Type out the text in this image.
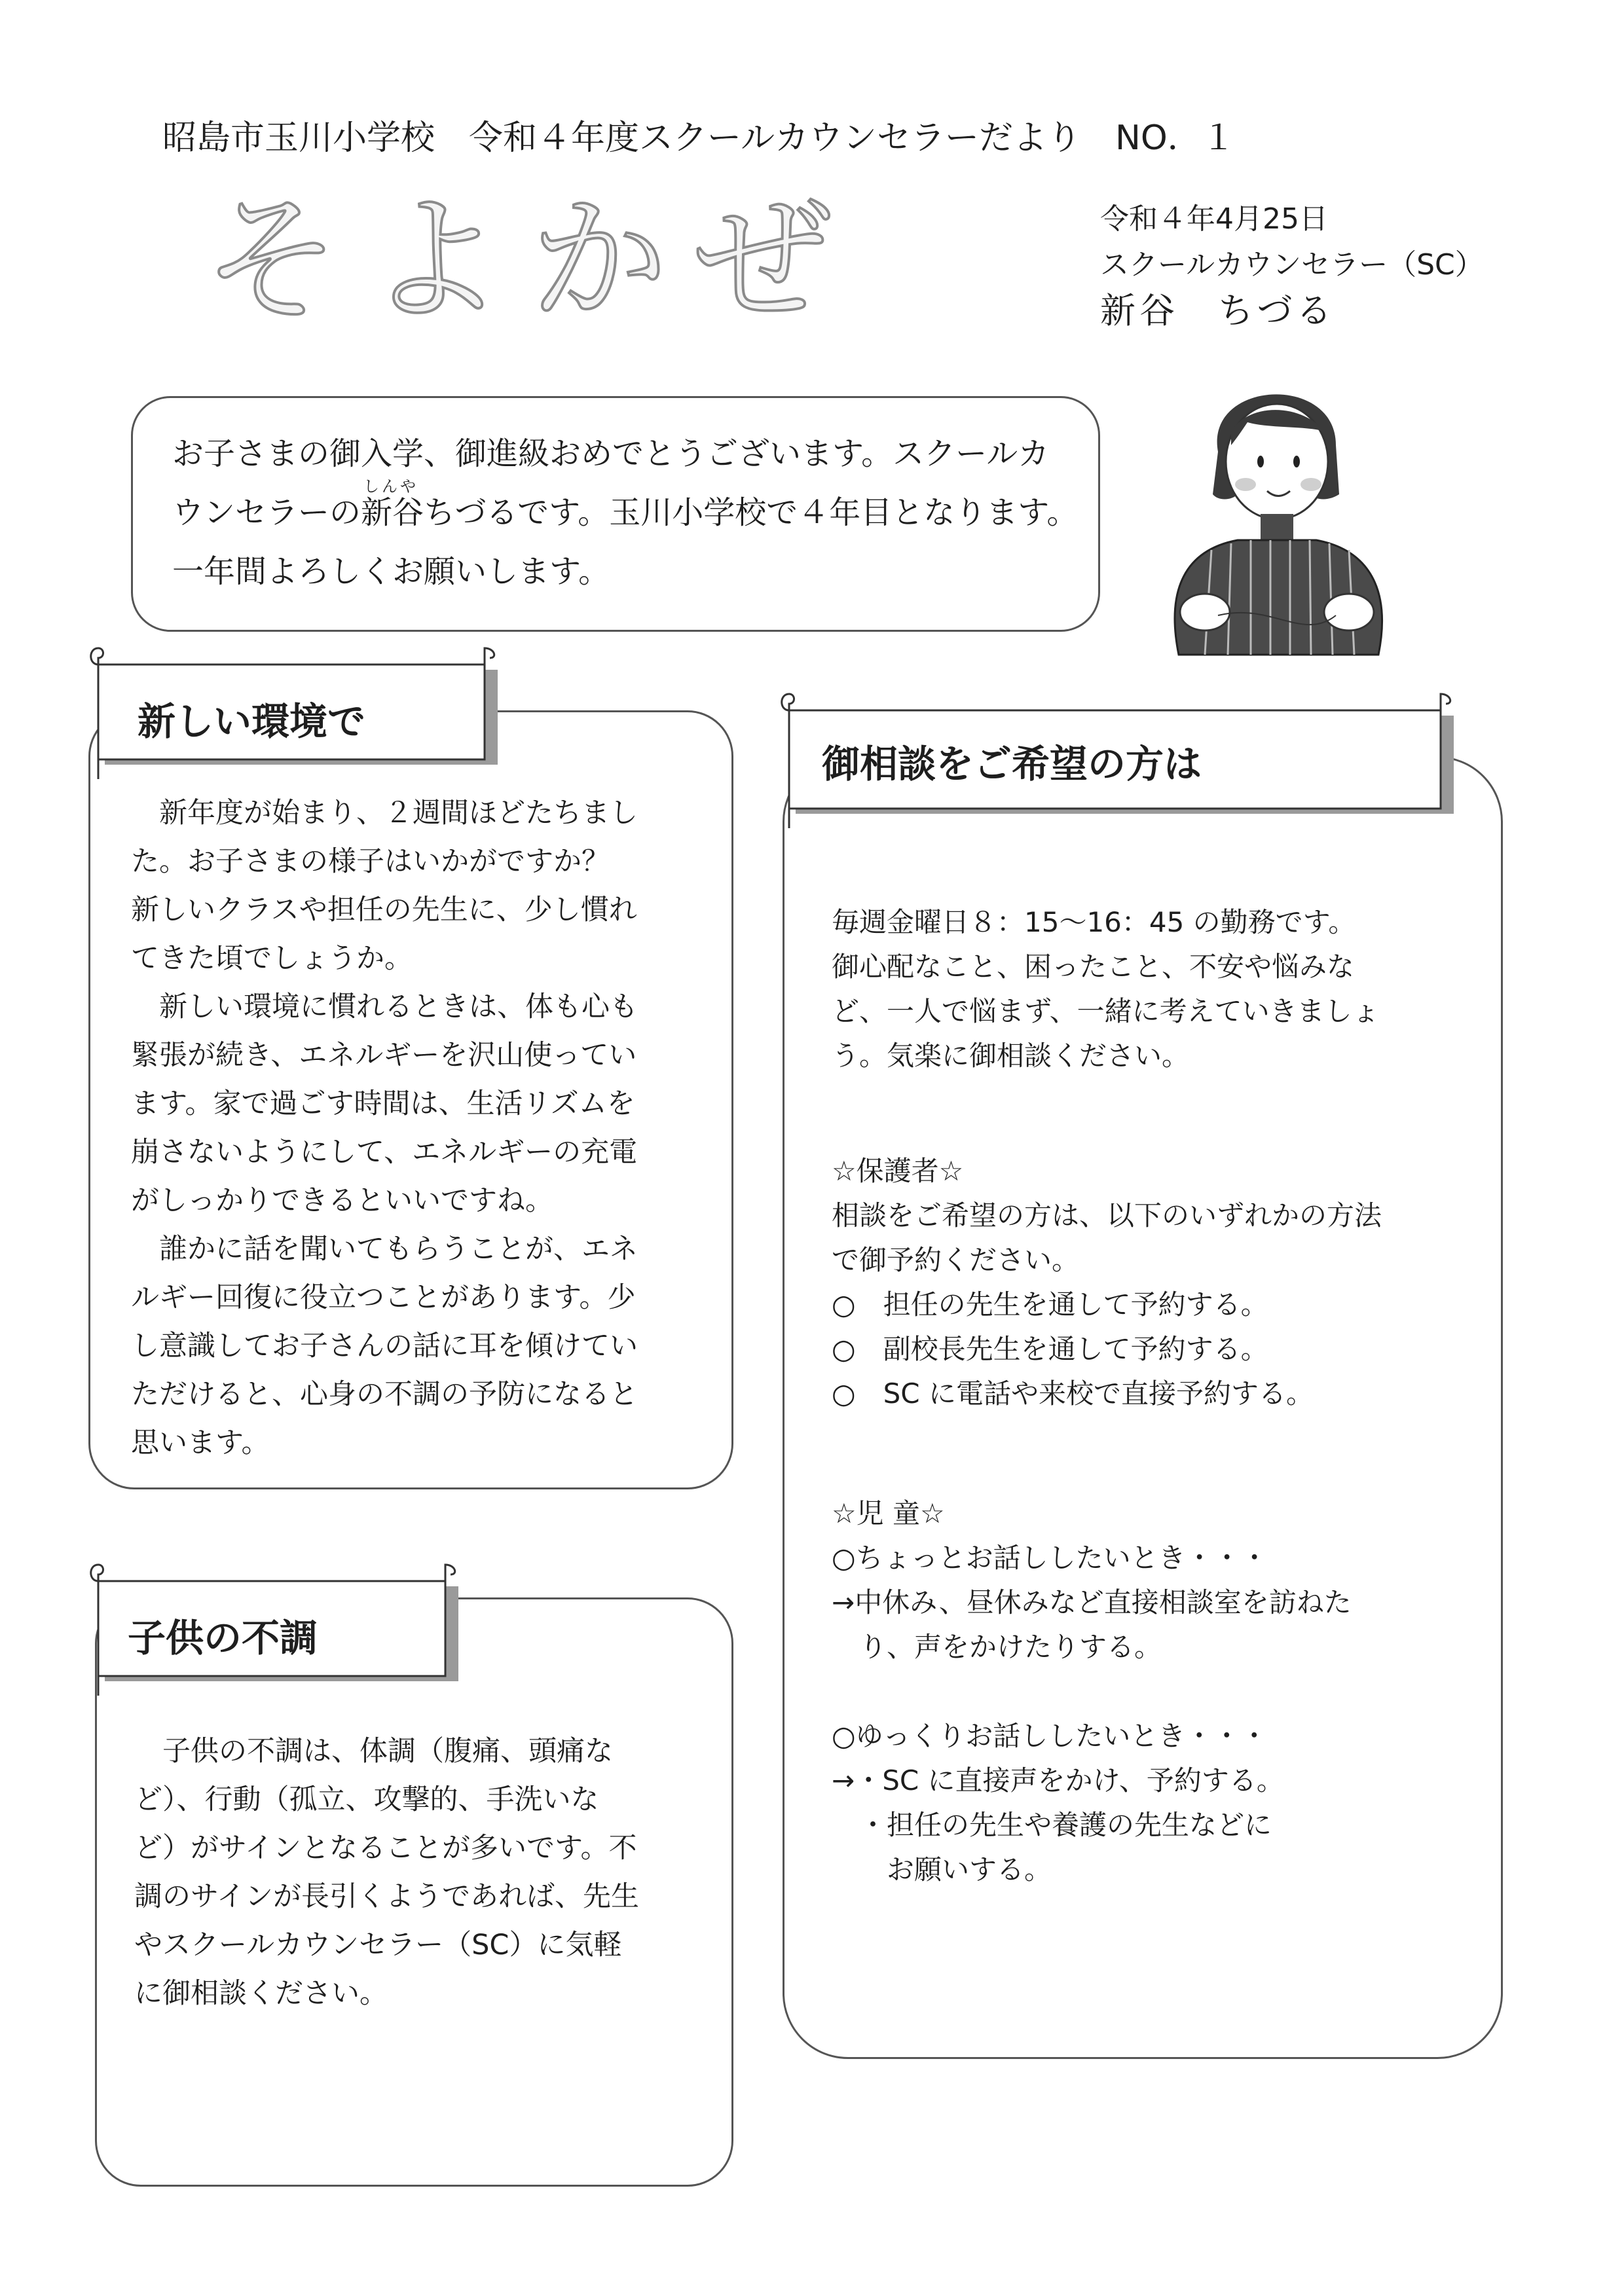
昭島市玉川小学校　令和４年度スクールカウンセラーだより　NO．１
そよかぜ	令和４年4月25日
スクールカウンセラー（SC）
新谷　ちづる

お子さまの御入学、御進級おめでとうございます。スクールカ

ウンセラーの
しんや
新谷ちづるです。玉川小学校で４年目となります。

一年間よろしくお願いします。

新しい環境で
　新年度が始まり、２週間ほどたちまし
た。お子さまの様子はいかがですか？
新しいクラスや担任の先生に、少し慣れ
てきた頃でしょうか。
　新しい環境に慣れるときは、体も心も
緊張が続き、エネルギーを沢山使ってい
ます。家で過ごす時間は、生活リズムを
崩さないようにして、エネルギーの充電
がしっかりできるといいですね。
　誰かに話を聞いてもらうことが、エネ
ルギー回復に役立つことがあります。少
し意識してお子さんの話に耳を傾けてい
ただけると、心身の不調の予防になると
思います。
子供の不調
　子供の不調は、体調（腹痛、頭痛な
ど）、行動（孤立、攻撃的、手洗いな
ど）がサインとなることが多いです。不
調のサインが長引くようであれば、先生
やスクールカウンセラー（SC）に気軽
に御相談ください。
御相談をご希望の方は
毎週金曜日８：15～16：45 の勤務です。
御心配なこと、困ったこと、不安や悩みな
ど、一人で悩まず、一緒に考えていきましょ
う。気楽に御相談ください。
☆保護者☆
相談をご希望の方は、以下のいずれかの方法
で御予約ください。
○　担任の先生を通して予約する。
○　副校長先生を通して予約する。
○　SC に電話や来校で直接予約する。
☆児 童☆
○ちょっとお話ししたいとき・・・
→中休み、昼休みなど直接相談室を訪ねた
　り、声をかけたりする。
○ゆっくりお話ししたいとき・・・
→・SC に直接声をかけ、予約する。
　・担任の先生や養護の先生などに
　　お願いする。
